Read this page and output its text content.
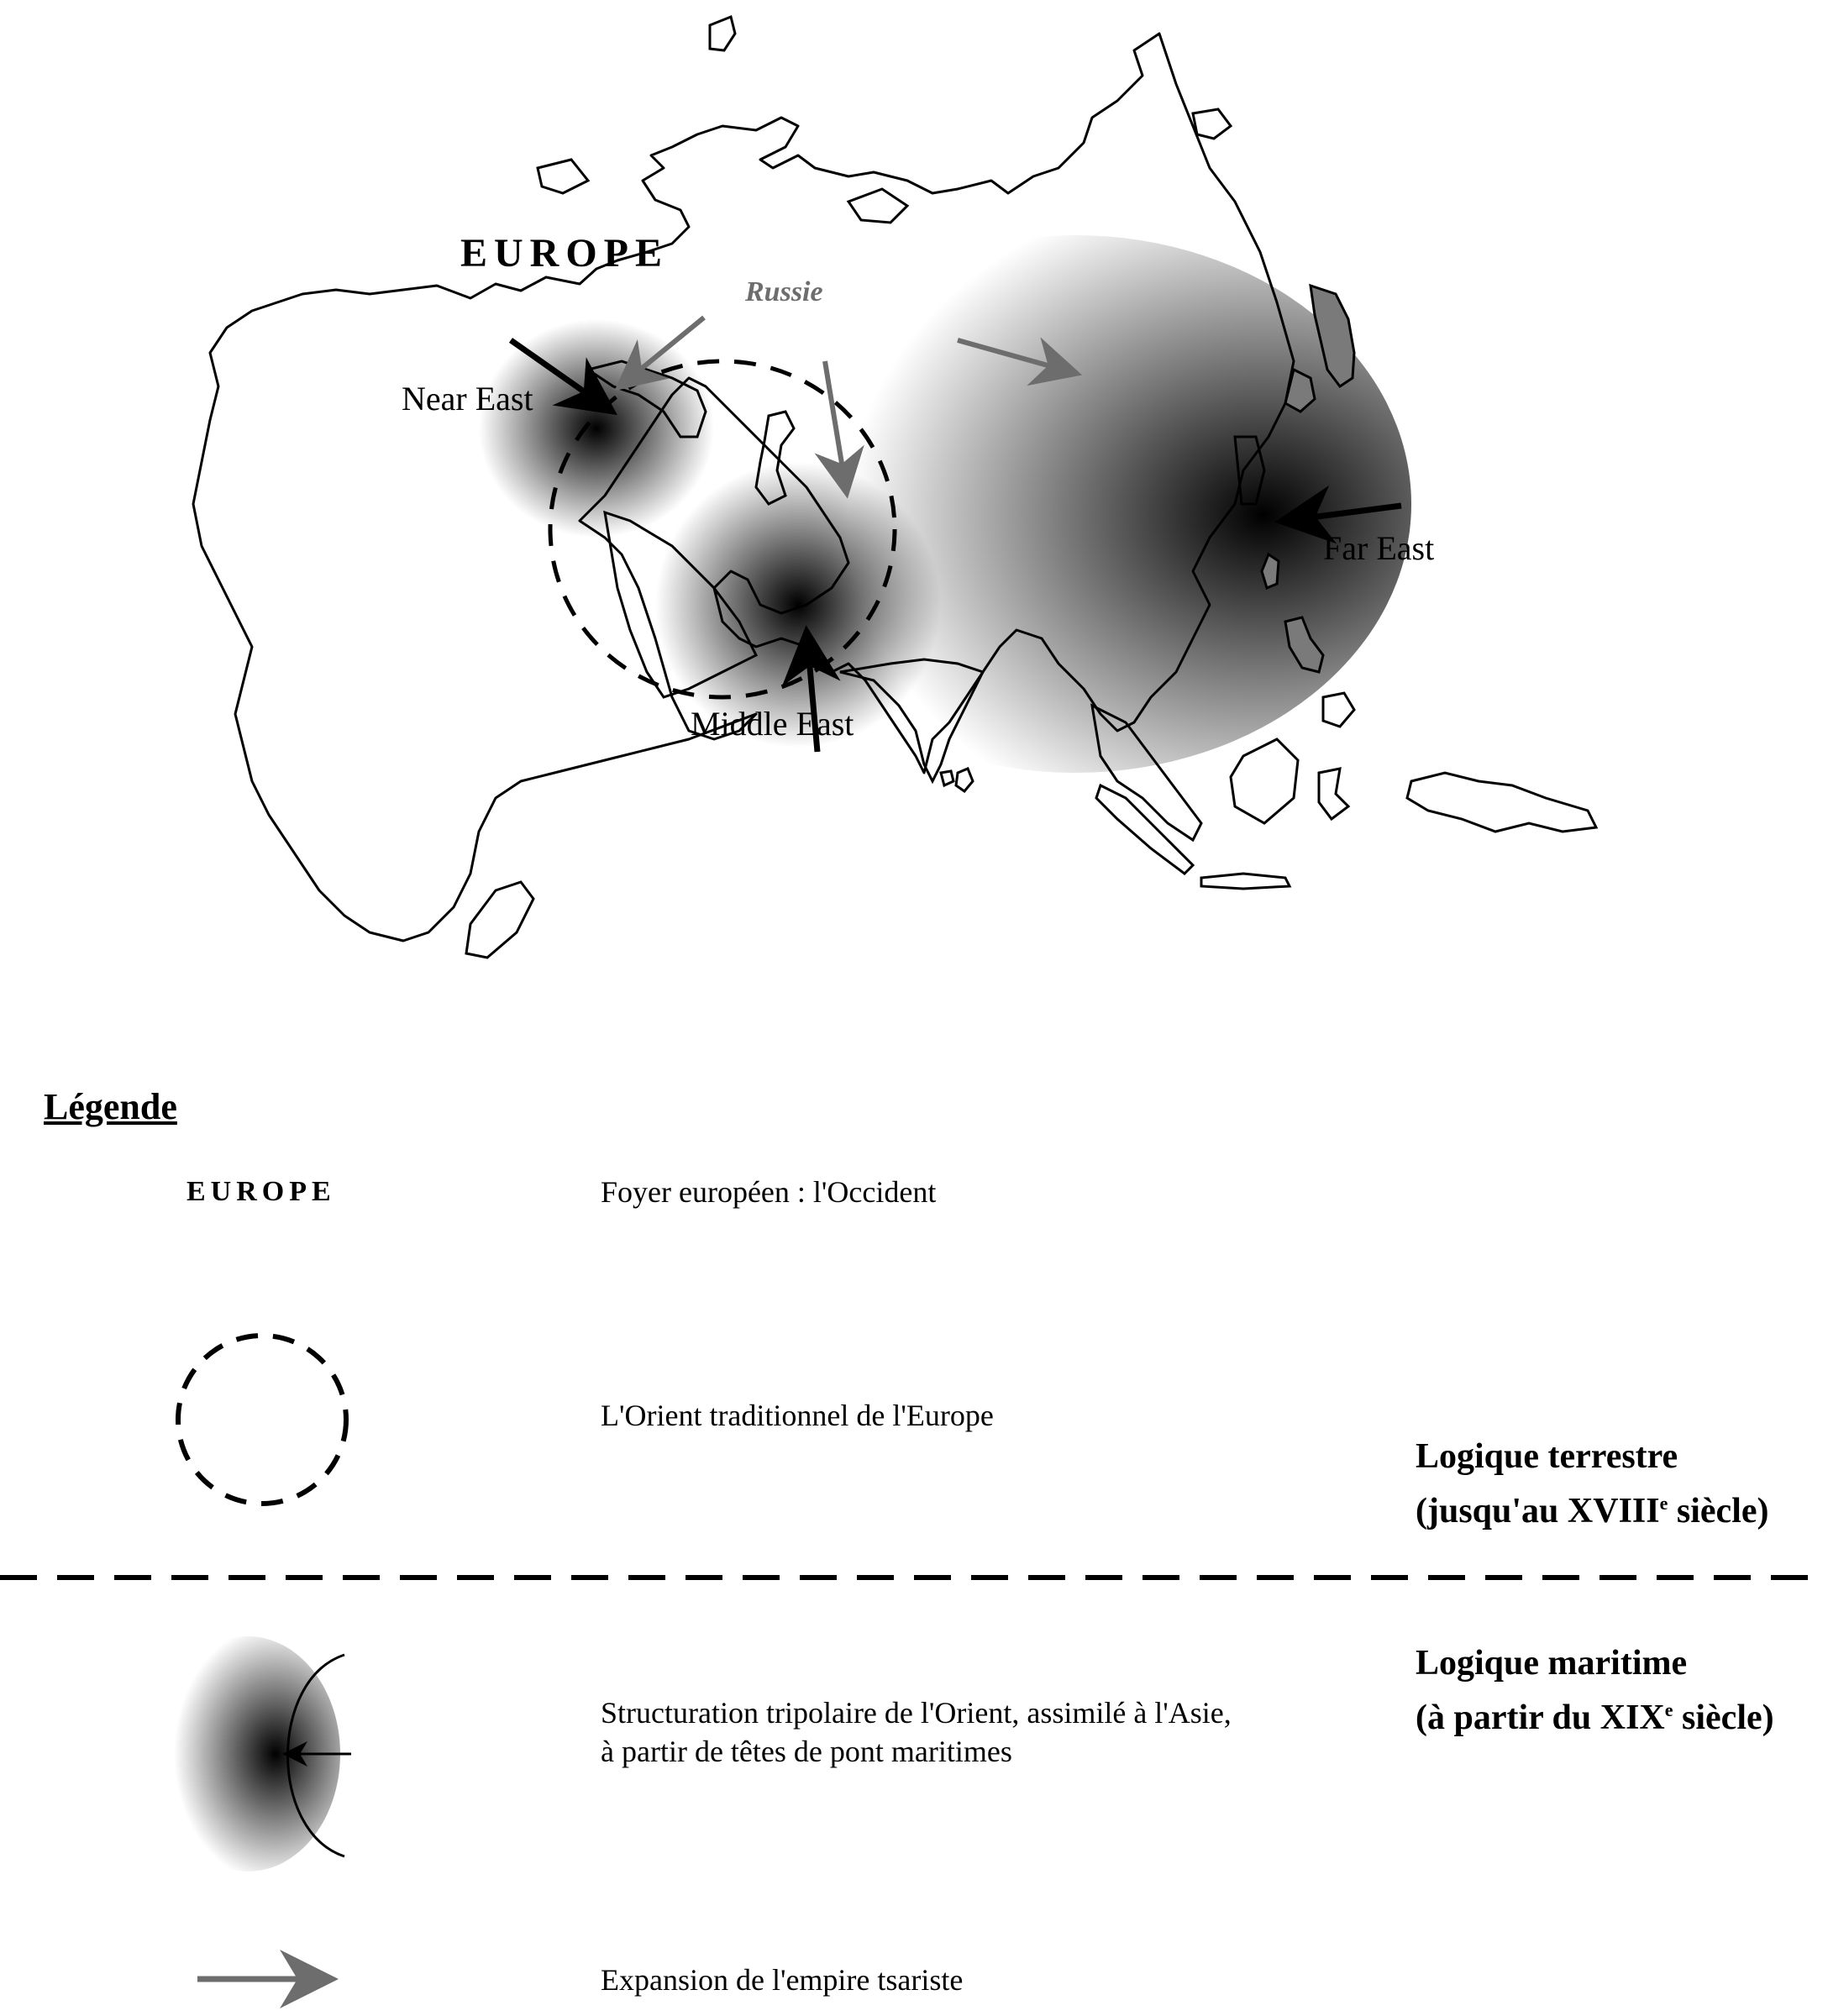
EUROPE
Russie
Near East
Middle East
Far East
Légende
EUROPE	Foyer européen : l'Occident
L'Orient traditionnel de l'Europe
Structuration tripolaire de l'Orient, assimilé à l'Asie,
à partir de têtes de pont maritimes
Expansion de l'empire tsariste
Logique terrestre
(jusqu'au XVIIIe siècle)
Logique maritime
(à partir du XIXe siècle)
